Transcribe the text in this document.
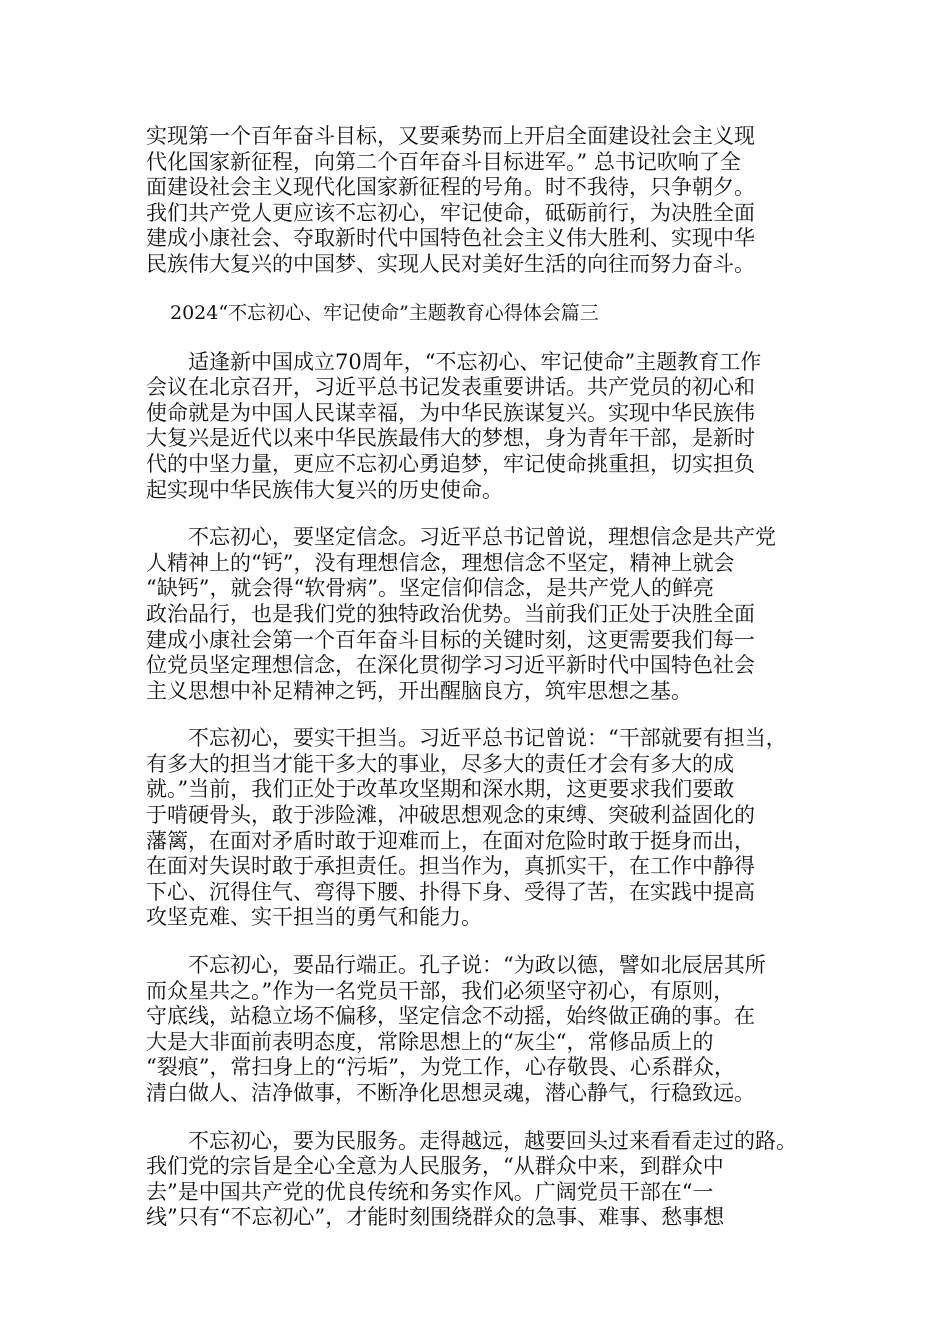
实现第一个百年奋斗目标，又要乘势而上开启全面建设社会主义现
代化国家新征程，向第二个百年奋斗目标进军。” 总书记吹响了全
面建设社会主义现代化国家新征程的号角。时不我待，只争朝夕。
我们共产党人更应该不忘初心，牢记使命，砥砺前行，为决胜全面
建成小康社会、夺取新时代中国特色社会主义伟大胜利、实现中华
民族伟大复兴的中国梦、实现人民对美好生活的向往而努力奋斗。
2024“不忘初心、牢记使命”主题教育心得体会篇三
适逢新中国成立70周年，“不忘初心、牢记使命”主题教育工作
会议在北京召开，习近平总书记发表重要讲话。共产党员的初心和
使命就是为中国人民谋幸福，为中华民族谋复兴。实现中华民族伟
大复兴是近代以来中华民族最伟大的梦想，身为青年干部，是新时
代的中坚力量，更应不忘初心勇追梦，牢记使命挑重担，切实担负
起实现中华民族伟大复兴的历史使命。
不忘初心，要坚定信念。习近平总书记曾说，理想信念是共产党
人精神上的“钙”，没有理想信念，理想信念不坚定，精神上就会
“缺钙”，就会得“软骨病”。坚定信仰信念，是共产党人的鲜亮
政治品行，也是我们党的独特政治优势。当前我们正处于决胜全面
建成小康社会第一个百年奋斗目标的关键时刻，这更需要我们每一
位党员坚定理想信念，在深化贯彻学习习近平新时代中国特色社会
主义思想中补足精神之钙，开出醒脑良方，筑牢思想之基。
不忘初心，要实干担当。习近平总书记曾说：“干部就要有担当，
有多大的担当才能干多大的事业，尽多大的责任才会有多大的成
就。”当前，我们正处于改革攻坚期和深水期，这更要求我们要敢
于啃硬骨头，敢于涉险滩，冲破思想观念的束缚、突破利益固化的
藩篱，在面对矛盾时敢于迎难而上，在面对危险时敢于挺身而出，
在面对失误时敢于承担责任。担当作为，真抓实干，在工作中静得
下心、沉得住气、弯得下腰、扑得下身、受得了苦，在实践中提高
攻坚克难、实干担当的勇气和能力。
不忘初心，要品行端正。孔子说：“为政以德，譬如北辰居其所
而众星共之。”作为一名党员干部，我们必须坚守初心，有原则，
守底线，站稳立场不偏移，坚定信念不动摇，始终做正确的事。在
大是大非面前表明态度，常除思想上的“灰尘“，常修品质上的
“裂痕”，常扫身上的“污垢”，为党工作，心存敬畏、心系群众，
清白做人、洁净做事，不断净化思想灵魂，潜心静气，行稳致远。
不忘初心，要为民服务。走得越远，越要回头过来看看走过的路。
我们党的宗旨是全心全意为人民服务，“从群众中来，到群众中
去”是中国共产党的优良传统和务实作风。广阔党员干部在“一
线”只有“不忘初心”，才能时刻围绕群众的急事、难事、愁事想
